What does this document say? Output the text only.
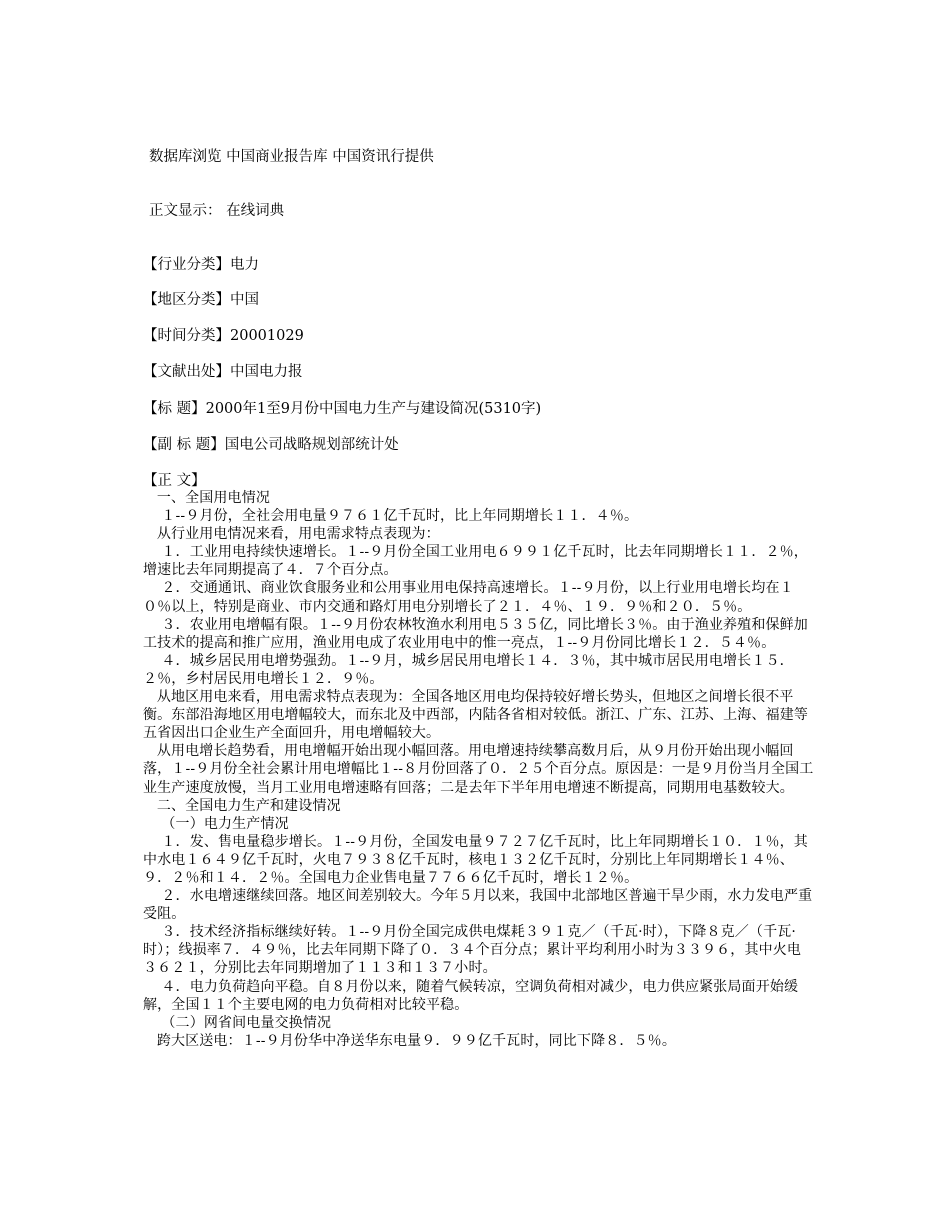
数据库浏览 中国商业报告库 中国资讯行提供
正文显示： 在线词典
【行业分类】电力
【地区分类】中国
【时间分类】20001029
【文献出处】中国电力报
【标 题】2000年1至9月份中国电力生产与建设简况(5310字)
【副 标 题】国电公司战略规划部统计处
【正 文】

一、全国用电情况

１--９月份，全社会用电量９７６１亿千瓦时，比上年同期增长１１．４％。

从行业用电情况来看，用电需求特点表现为：

１．工业用电持续快速增长。１--９月份全国工业用电６９９１亿千瓦时，比去年同期增长１１．２％，增速比去年同期提高了４．７个百分点。

２．交通通讯、商业饮食服务业和公用事业用电保持高速增长。１--９月份，以上行业用电增长均在１０％以上，特别是商业、市内交通和路灯用电分别增长了２１．４％、１９．９％和２０．５％。

３．农业用电增幅有限。１--９月份农林牧渔水利用电５３５亿，同比增长３％。由于渔业养殖和保鲜加工技术的提高和推广应用，渔业用电成了农业用电中的惟一亮点，１--９月份同比增长１２．５４％。

４．城乡居民用电增势强劲。１--９月，城乡居民用电增长１４．３％，其中城市居民用电增长１５．２％，乡村居民用电增长１２．９％。

从地区用电来看，用电需求特点表现为：全国各地区用电均保持较好增长势头，但地区之间增长很不平衡。东部沿海地区用电增幅较大，而东北及中西部，内陆各省相对较低。浙江、广东、江苏、上海、福建等五省因出口企业生产全面回升，用电增幅较大。

从用电增长趋势看，用电增幅开始出现小幅回落。用电增速持续攀高数月后，从９月份开始出现小幅回落，１--９月份全社会累计用电增幅比１--８月份回落了０．２５个百分点。原因是：一是９月份当月全国工业生产速度放慢，当月工业用电增速略有回落；二是去年下半年用电增速不断提高，同期用电基数较大。

二、全国电力生产和建设情况

（一）电力生产情况

１．发、售电量稳步增长。１--９月份，全国发电量９７２７亿千瓦时，比上年同期增长１０．１％，其中水电１６４９亿千瓦时，火电７９３８亿千瓦时，核电１３２亿千瓦时，分别比上年同期增长１４％、９．２％和１４．２％。全国电力企业售电量７７６６亿千瓦时，增长１２％。

２．水电增速继续回落。地区间差别较大。今年５月以来，我国中北部地区普遍干旱少雨，水力发电严重受阻。

３．技术经济指标继续好转。１--９月份全国完成供电煤耗３９１克／（千瓦·时），下降８克／（千瓦·时）；线损率７．４９％，比去年同期下降了０．３４个百分点；累计平均利用小时为３３９６，其中火电３６２１，分别比去年同期增加了１１３和１３７小时。

４．电力负荷趋向平稳。自８月份以来，随着气候转凉，空调负荷相对减少，电力供应紧张局面开始缓解，全国１１个主要电网的电力负荷相对比较平稳。

（二）网省间电量交换情况

跨大区送电：１--９月份华中净送华东电量９．９９亿千瓦时，同比下降８．５％。
